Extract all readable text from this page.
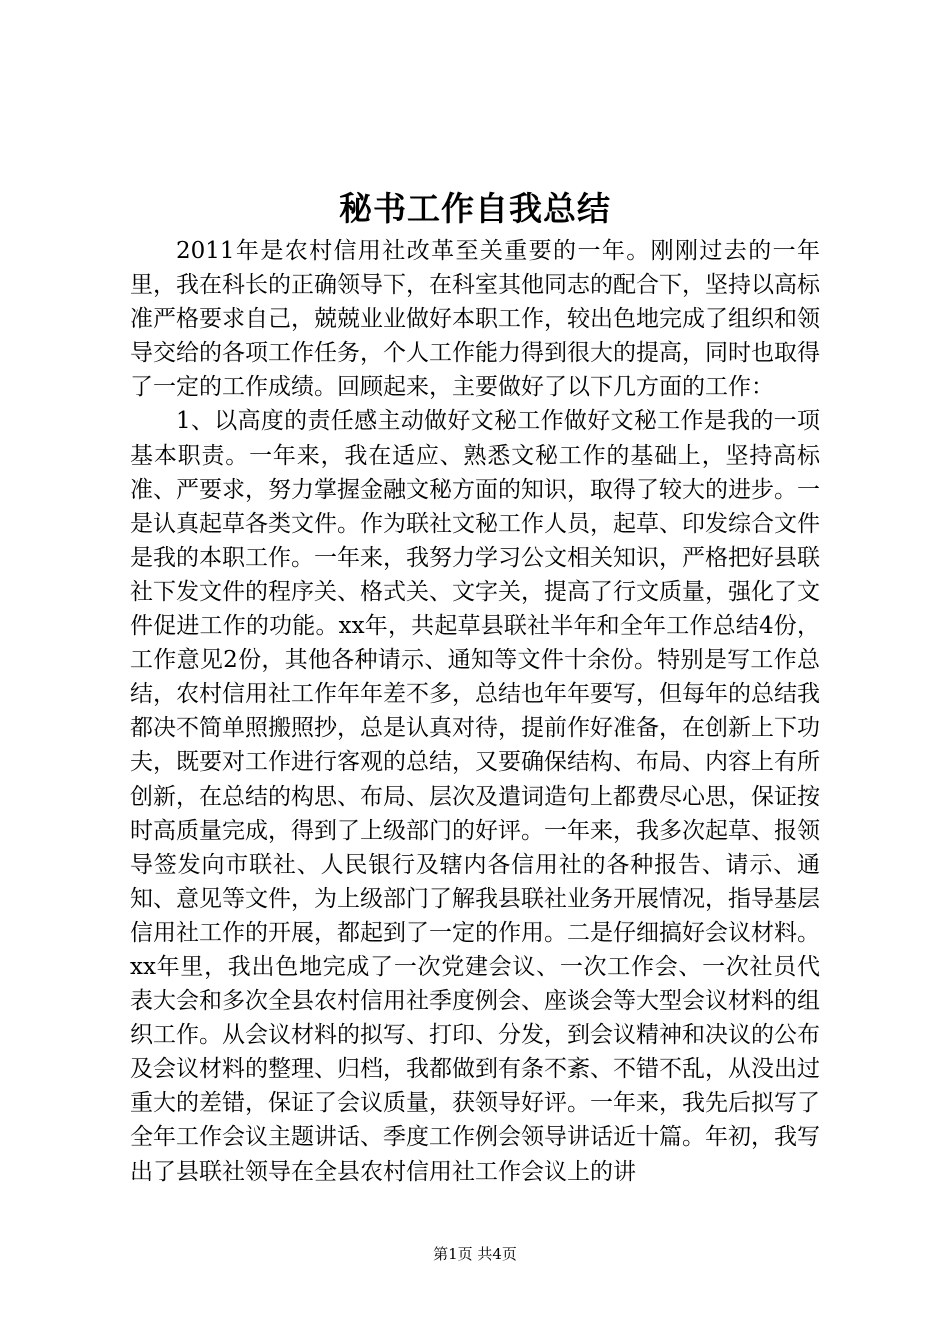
秘书工作自我总结

2011年是农村信用社改革至关重要的一年。刚刚过去的一年里，我在科长的正确领导下，在科室其他同志的配合下，坚持以高标准严格要求自己，兢兢业业做好本职工作，较出色地完成了组织和领导交给的各项工作任务，个人工作能力得到很大的提高，同时也取得了一定的工作成绩。回顾起来，主要做好了以下几方面的工作：

1、以高度的责任感主动做好文秘工作做好文秘工作是我的一项基本职责。一年来，我在适应、熟悉文秘工作的基础上，坚持高标准、严要求，努力掌握金融文秘方面的知识，取得了较大的进步。一是认真起草各类文件。作为联社文秘工作人员，起草、印发综合文件是我的本职工作。一年来，我努力学习公文相关知识，严格把好县联社下发文件的程序关、格式关、文字关，提高了行文质量，强化了文件促进工作的功能。xx年，共起草县联社半年和全年工作总结4份，工作意见2份，其他各种请示、通知等文件十余份。特别是写工作总结，农村信用社工作年年差不多，总结也年年要写，但每年的总结我都决不简单照搬照抄，总是认真对待，提前作好准备，在创新上下功夫，既要对工作进行客观的总结，又要确保结构、布局、内容上有所创新，在总结的构思、布局、层次及遣词造句上都费尽心思，保证按时高质量完成，得到了上级部门的好评。一年来，我多次起草、报领导签发向市联社、人民银行及辖内各信用社的各种报告、请示、通知、意见等文件，为上级部门了解我县联社业务开展情况，指导基层信用社工作的开展，都起到了一定的作用。二是仔细搞好会议材料。xx年里，我出色地完成了一次党建会议、一次工作会、一次社员代表大会和多次全县农村信用社季度例会、座谈会等大型会议材料的组织工作。从会议材料的拟写、打印、分发，到会议精神和决议的公布及会议材料的整理、归档，我都做到有条不紊、不错不乱，从没出过重大的差错，保证了会议质量，获领导好评。一年来，我先后拟写了全年工作会议主题讲话、季度工作例会领导讲话近十篇。年初，我写出了县联社领导在全县农村信用社工作会议上的讲

第1页 共4页
